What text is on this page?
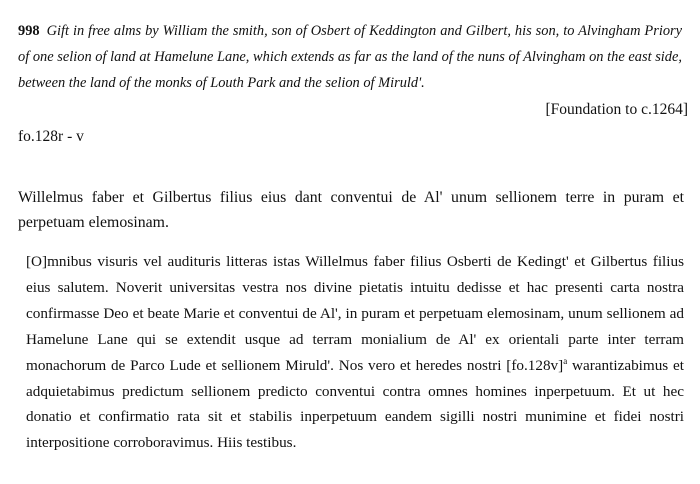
998 Gift in free alms by William the smith, son of Osbert of Keddington and Gilbert, his son, to Alvingham Priory of one selion of land at Hamelune Lane, which extends as far as the land of the nuns of Alvingham on the east side, between the land of the monks of Louth Park and the selion of Miruld'.
[Foundation to c.1264]
fo.128r - v
Willelmus faber et Gilbertus filius eius dant conventui de Al' unum sellionem terre in puram et perpetuam elemosinam.

[O]mnibus visuris vel audituris litteras istas Willelmus faber filius Osberti de Kedingt' et Gilbertus filius eius salutem. Noverit universitas vestra nos divine pietatis intuitu dedisse et hac presenti carta nostra confirmasse Deo et beate Marie et conventui de Al', in puram et perpetuam elemosinam, unum sellionem ad Hamelune Lane qui se extendit usque ad terram monialium de Al' ex orientali parte inter terram monachorum de Parco Lude et sellionem Miruld'. Nos vero et heredes nostri $[fo.128v]^a$ warantizabimus et adquietabimus predictum sellionem predicto conventui contra omnes homines inperpetuum. Et ut hec donatio et confirmatio rata sit et stabilis inperpetuum eandem sigilli nostri munimine et fidei nostri interpositione corroboravimus. Hiis testibus.
